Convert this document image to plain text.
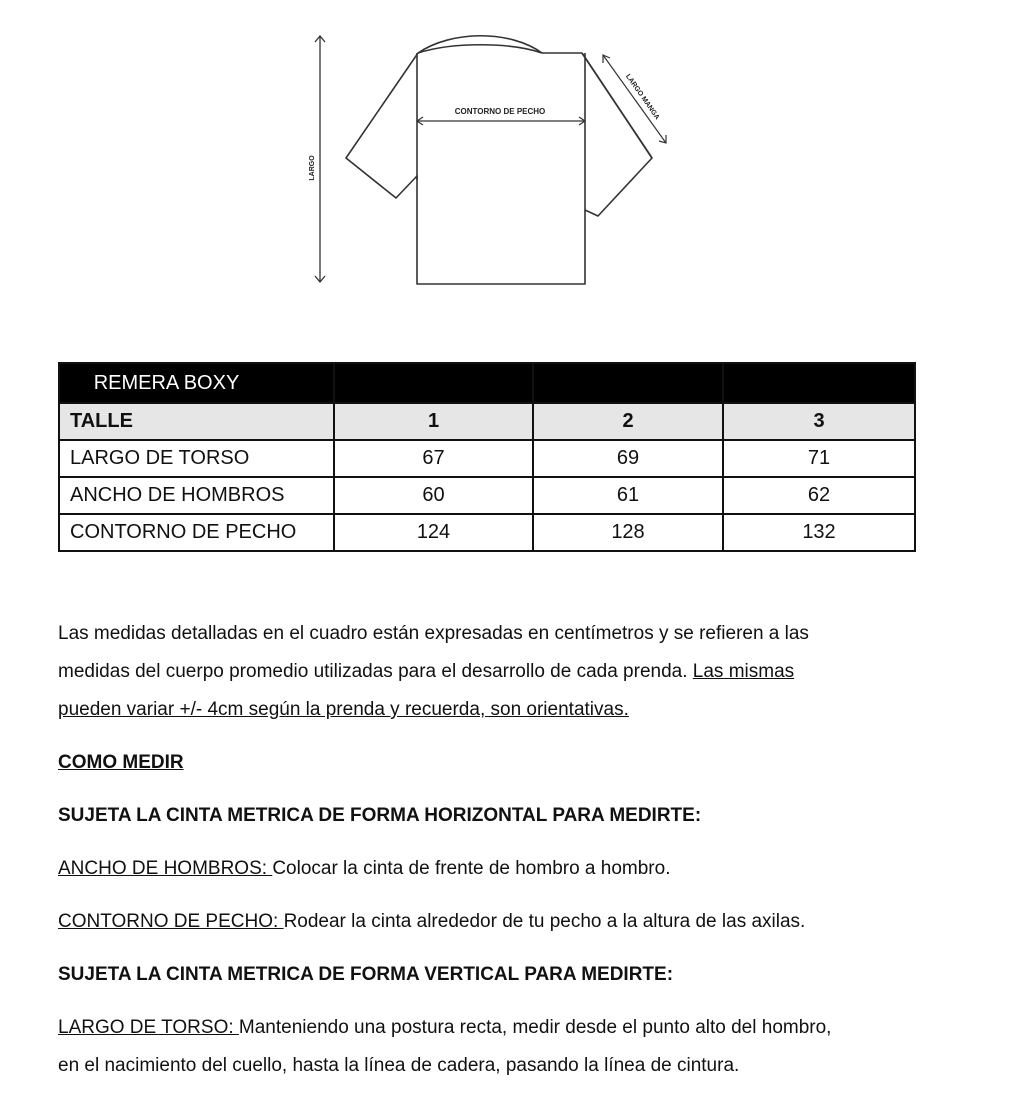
LARGO
CONTORNO DE PECHO	LARGO MANGA
REMERA BOXY			
TALLE	1	2	3
LARGO DE TORSO	67	69	71
ANCHO DE HOMBROS	60	61	62
CONTORNO DE PECHO	124	128	132

Las medidas detalladas en el cuadro están expresadas en centímetros y se refieren a las
medidas del cuerpo promedio utilizadas para el desarrollo de cada prenda. Las mismas
pueden variar +/- 4cm según la prenda y recuerda, son orientativas.

COMO MEDIR

SUJETA LA CINTA METRICA DE FORMA HORIZONTAL PARA MEDIRTE:

ANCHO DE HOMBROS: Colocar la cinta de frente de hombro a hombro.

CONTORNO DE PECHO: Rodear la cinta alrededor de tu pecho a la altura de las axilas.

SUJETA LA CINTA METRICA DE FORMA VERTICAL PARA MEDIRTE:

LARGO DE TORSO: Manteniendo una postura recta, medir desde el punto alto del hombro,
en el nacimiento del cuello, hasta la línea de cadera, pasando la línea de cintura.
